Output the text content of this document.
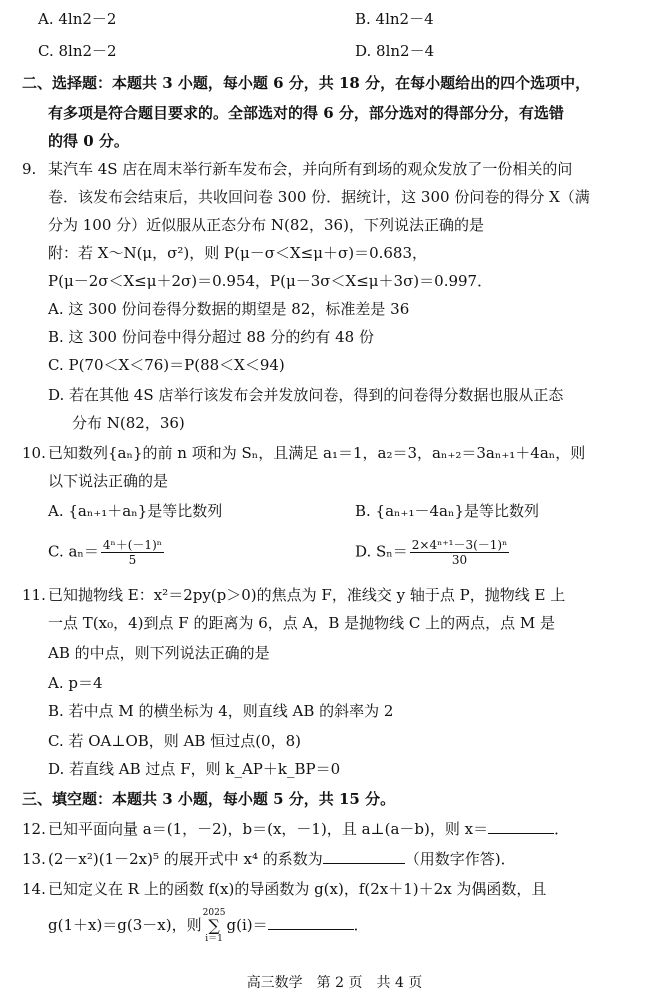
A. 4ln2－2	B. 4ln2－4
C. 8ln2－2	D. 8ln2－4
二、选择题：本题共 3 小题，每小题 6 分，共 18 分，在每小题给出的四个选项中，
有多项是符合题目要求的。全部选对的得 6 分，部分选对的得部分分，有选错
的得 0 分。
9. 某汽车 4S 店在周末举行新车发布会，并向所有到场的观众发放了一份相关的问
卷．该发布会结束后，共收回问卷 300 份．据统计，这 300 份问卷的得分 X（满
分为 100 分）近似服从正态分布 N(82，36)，下列说法正确的是
附：若 X～N(μ，σ²)，则 P(μ－σ＜X≤μ＋σ)＝0.683，
P(μ－2σ＜X≤μ＋2σ)＝0.954，P(μ－3σ＜X≤μ＋3σ)＝0.997．
A. 这 300 份问卷得分数据的期望是 82，标准差是 36
B. 这 300 份问卷中得分超过 88 分的约有 48 份
C. P(70＜X＜76)＝P(88＜X＜94)
D. 若在其他 4S 店举行该发布会并发放问卷，得到的问卷得分数据也服从正态
分布 N(82，36)
10. 已知数列{aₙ}的前 n 项和为 Sₙ，且满足 a₁＝1，a₂＝3，aₙ₊₂＝3aₙ₊₁＋4aₙ，则
以下说法正确的是
A. {aₙ₊₁＋aₙ}是等比数列	B. {aₙ₊₁－4aₙ}是等比数列
C. $a_n= \frac{\text{4ⁿ＋(－1)ⁿ}}{5}$	D. $S_n= \frac{\text{2×4ⁿ⁺¹－3(－1)ⁿ}}{30}$
11. 已知抛物线 E：x²＝2py(p＞0)的焦点为 F，准线交 y 轴于点 P，抛物线 E 上
一点 T(x₀，4)到点 F 的距离为 6，点 A，B 是抛物线 C 上的两点，点 M 是
AB 的中点，则下列说法正确的是
A. p＝4
B. 若中点 M 的横坐标为 4，则直线 AB 的斜率为 2
C. 若 OA⊥OB，则 AB 恒过点(0，8)
D. 若直线 AB 过点 F，则 k_AP＋k_BP＝0
三、填空题：本题共 3 小题，每小题 5 分，共 15 分。
12. 已知平面向量 a＝(1，－2)，b＝(x，－1)，且 a⊥(a－b)，则 x＝	．
13. (2－x²)(1－2x)⁵ 的展开式中 x⁴ 的系数为	（用数字作答)．
14. 已知定义在 R 上的函数 f(x)的导函数为 g(x)，f(2x＋1)＋2x 为偶函数，且
g(1＋x)＝g(3－x)，则
2025
∑
i＝1
g(i)＝	．
高三数学　第 2 页　共 4 页
